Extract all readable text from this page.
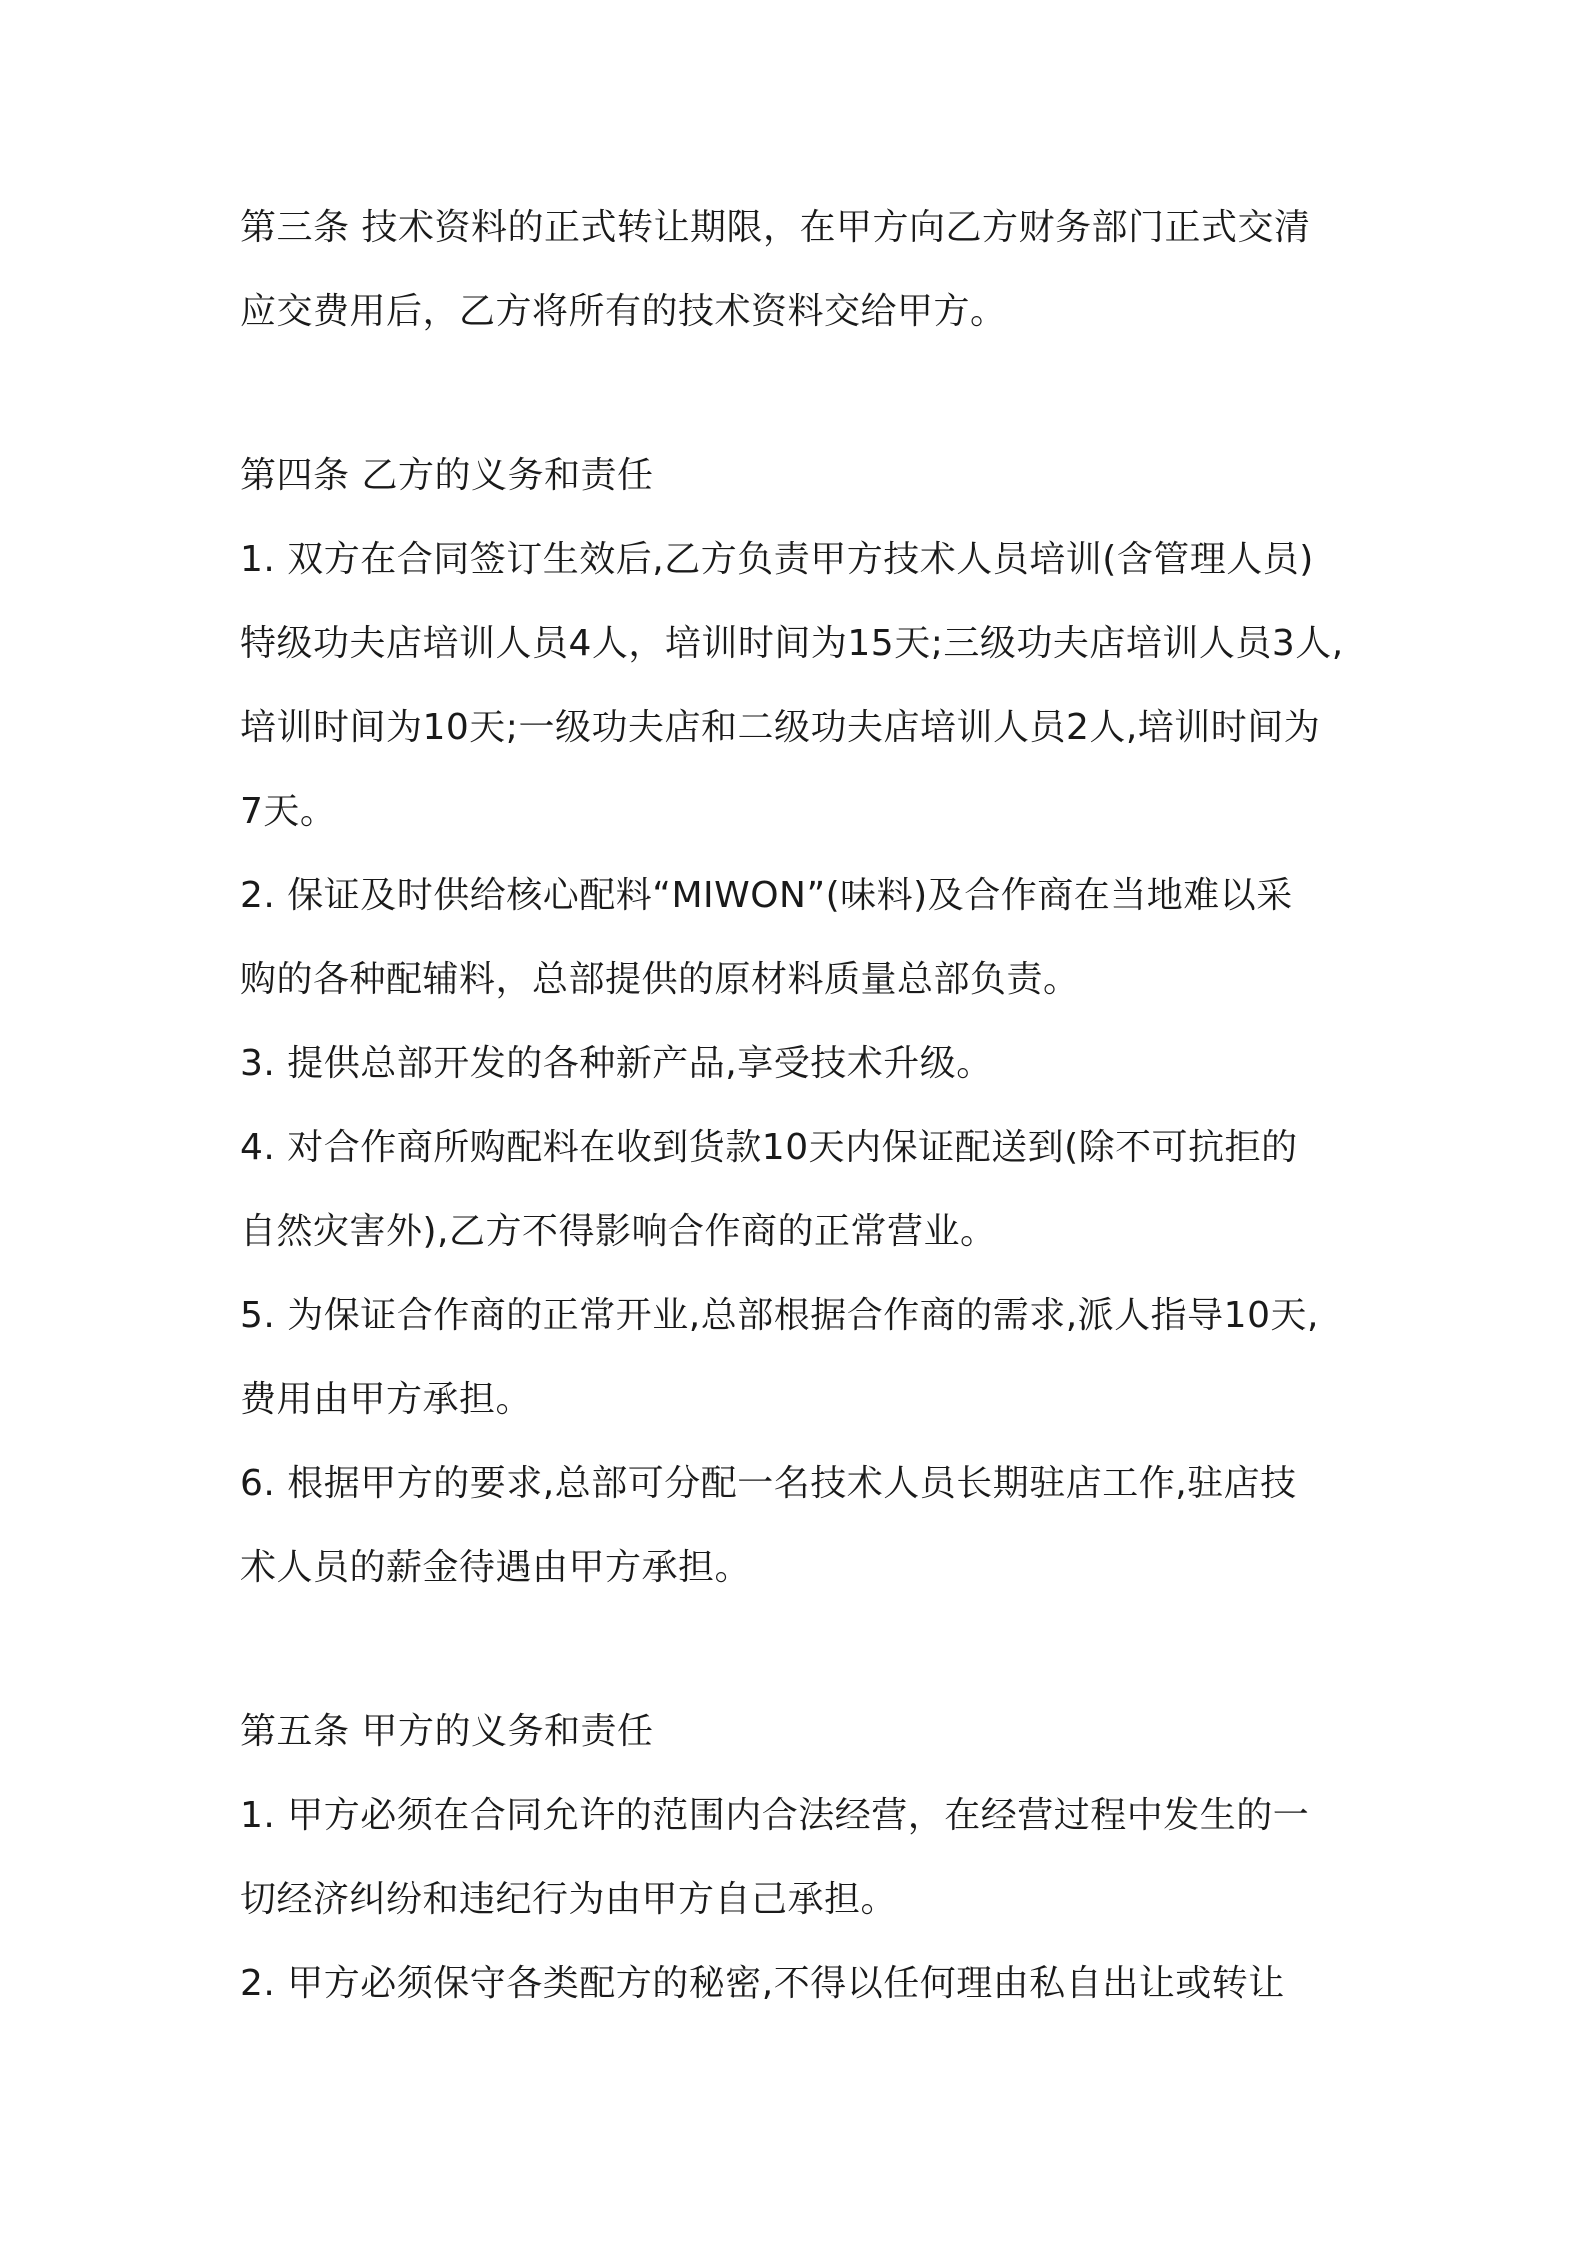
第三条 技术资料的正式转让期限，在甲方向乙方财务部门正式交清
应交费用后，乙方将所有的技术资料交给甲方。
第四条 乙方的义务和责任
1. 双方在合同签订生效后,乙方负责甲方技术人员培训(含管理人员)
特级功夫店培训人员4人，培训时间为15天;三级功夫店培训人员3人,
培训时间为10天;一级功夫店和二级功夫店培训人员2人,培训时间为
7天。
2. 保证及时供给核心配料“MIWON”(味料)及合作商在当地难以采
购的各种配辅料，总部提供的原材料质量总部负责。
3. 提供总部开发的各种新产品,享受技术升级。
4. 对合作商所购配料在收到货款10天内保证配送到(除不可抗拒的
自然灾害外),乙方不得影响合作商的正常营业。
5. 为保证合作商的正常开业,总部根据合作商的需求,派人指导10天,
费用由甲方承担。
6. 根据甲方的要求,总部可分配一名技术人员长期驻店工作,驻店技
术人员的薪金待遇由甲方承担。
第五条 甲方的义务和责任
1. 甲方必须在合同允许的范围内合法经营，在经营过程中发生的一
切经济纠纷和违纪行为由甲方自己承担。
2. 甲方必须保守各类配方的秘密,不得以任何理由私自出让或转让
